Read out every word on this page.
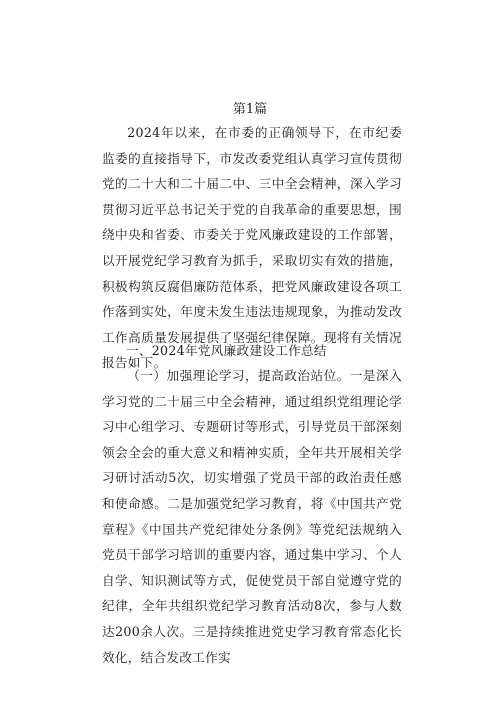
第1篇
2024年以来，在市委的正确领导下，在市纪委监委的直接指导下，市发改委党组认真学习宣传贯彻党的二十大和二十届二中、三中全会精神，深入学习贯彻习近平总书记关于党的自我革命的重要思想，围绕中央和省委、市委关于党风廉政建设的工作部署，以开展党纪学习教育为抓手，采取切实有效的措施，积极构筑反腐倡廉防范体系，把党风廉政建设各项工作落到实处，年度未发生违法违规现象，为推动发改工作高质量发展提供了坚强纪律保障。现将有关情况报告如下。
一、2024年党风廉政建设工作总结
（一）加强理论学习，提高政治站位。一是深入学习党的二十届三中全会精神，通过组织党组理论学习中心组学习、专题研讨等形式，引导党员干部深刻领会全会的重大意义和精神实质，全年共开展相关学习研讨活动5次，切实增强了党员干部的政治责任感和使命感。二是加强党纪学习教育，将《中国共产党章程》《中国共产党纪律处分条例》等党纪法规纳入党员干部学习培训的重要内容，通过集中学习、个人自学、知识测试等方式，促使党员干部自觉遵守党的纪律，全年共组织党纪学习教育活动8次，参与人数达200余人次。三是持续推进党史学习教育常态化长效化，结合发改工作实
